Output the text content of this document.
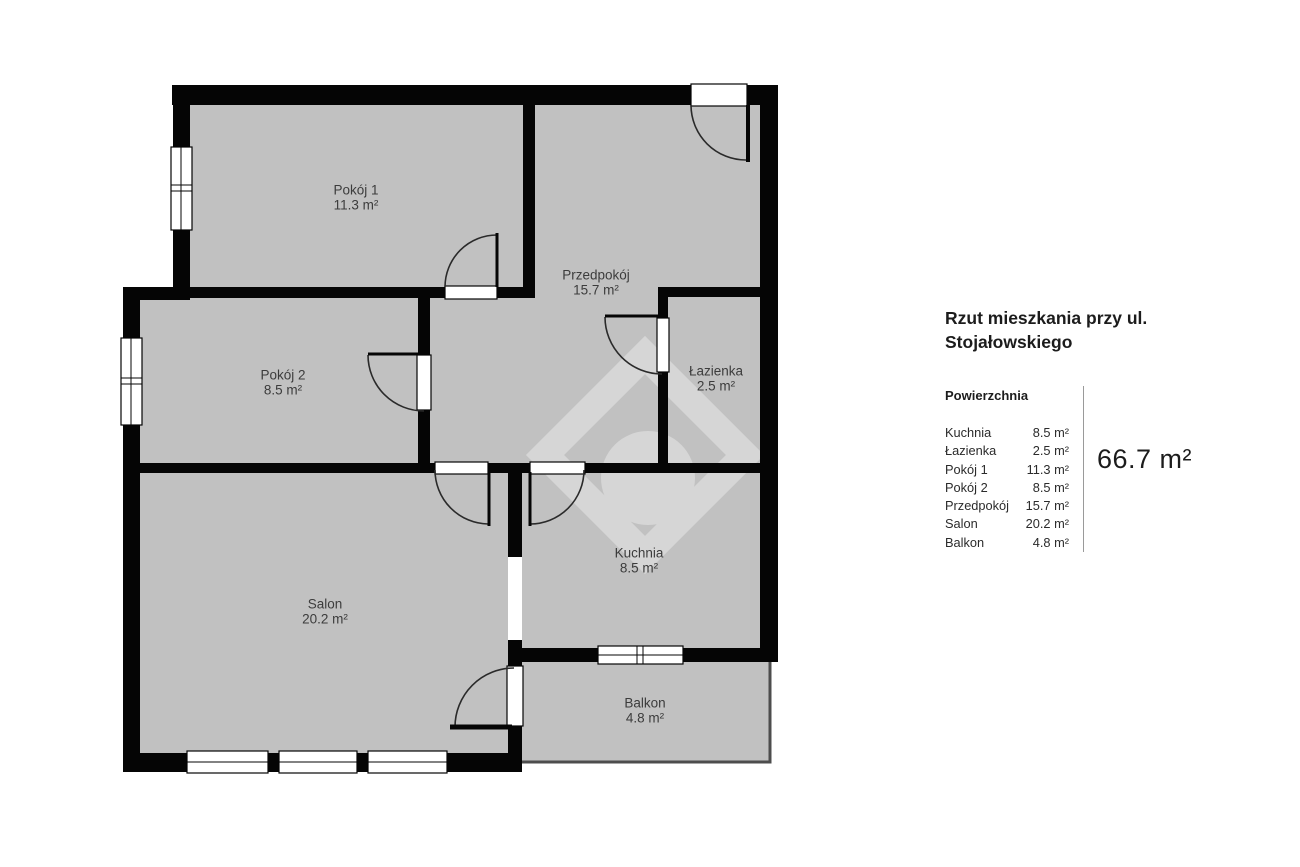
Pokój 1
11.3 m²
Przedpokój
15.7 m²
Pokój 2
8.5 m²
Łazienka
2.5 m²
Salon
20.2 m²
Kuchnia
8.5 m²
Balkon
4.8 m²
Rzut mieszkania przy ul.
Stojałowskiego
Powierzchnia
Kuchnia	8.5 m²
Łazienka	2.5 m²
Pokój 1	11.3 m²
Pokój 2	8.5 m²
Przedpokój 15.7 m²
Salon	20.2 m²
Balkon	4.8 m²
66.7 m²
